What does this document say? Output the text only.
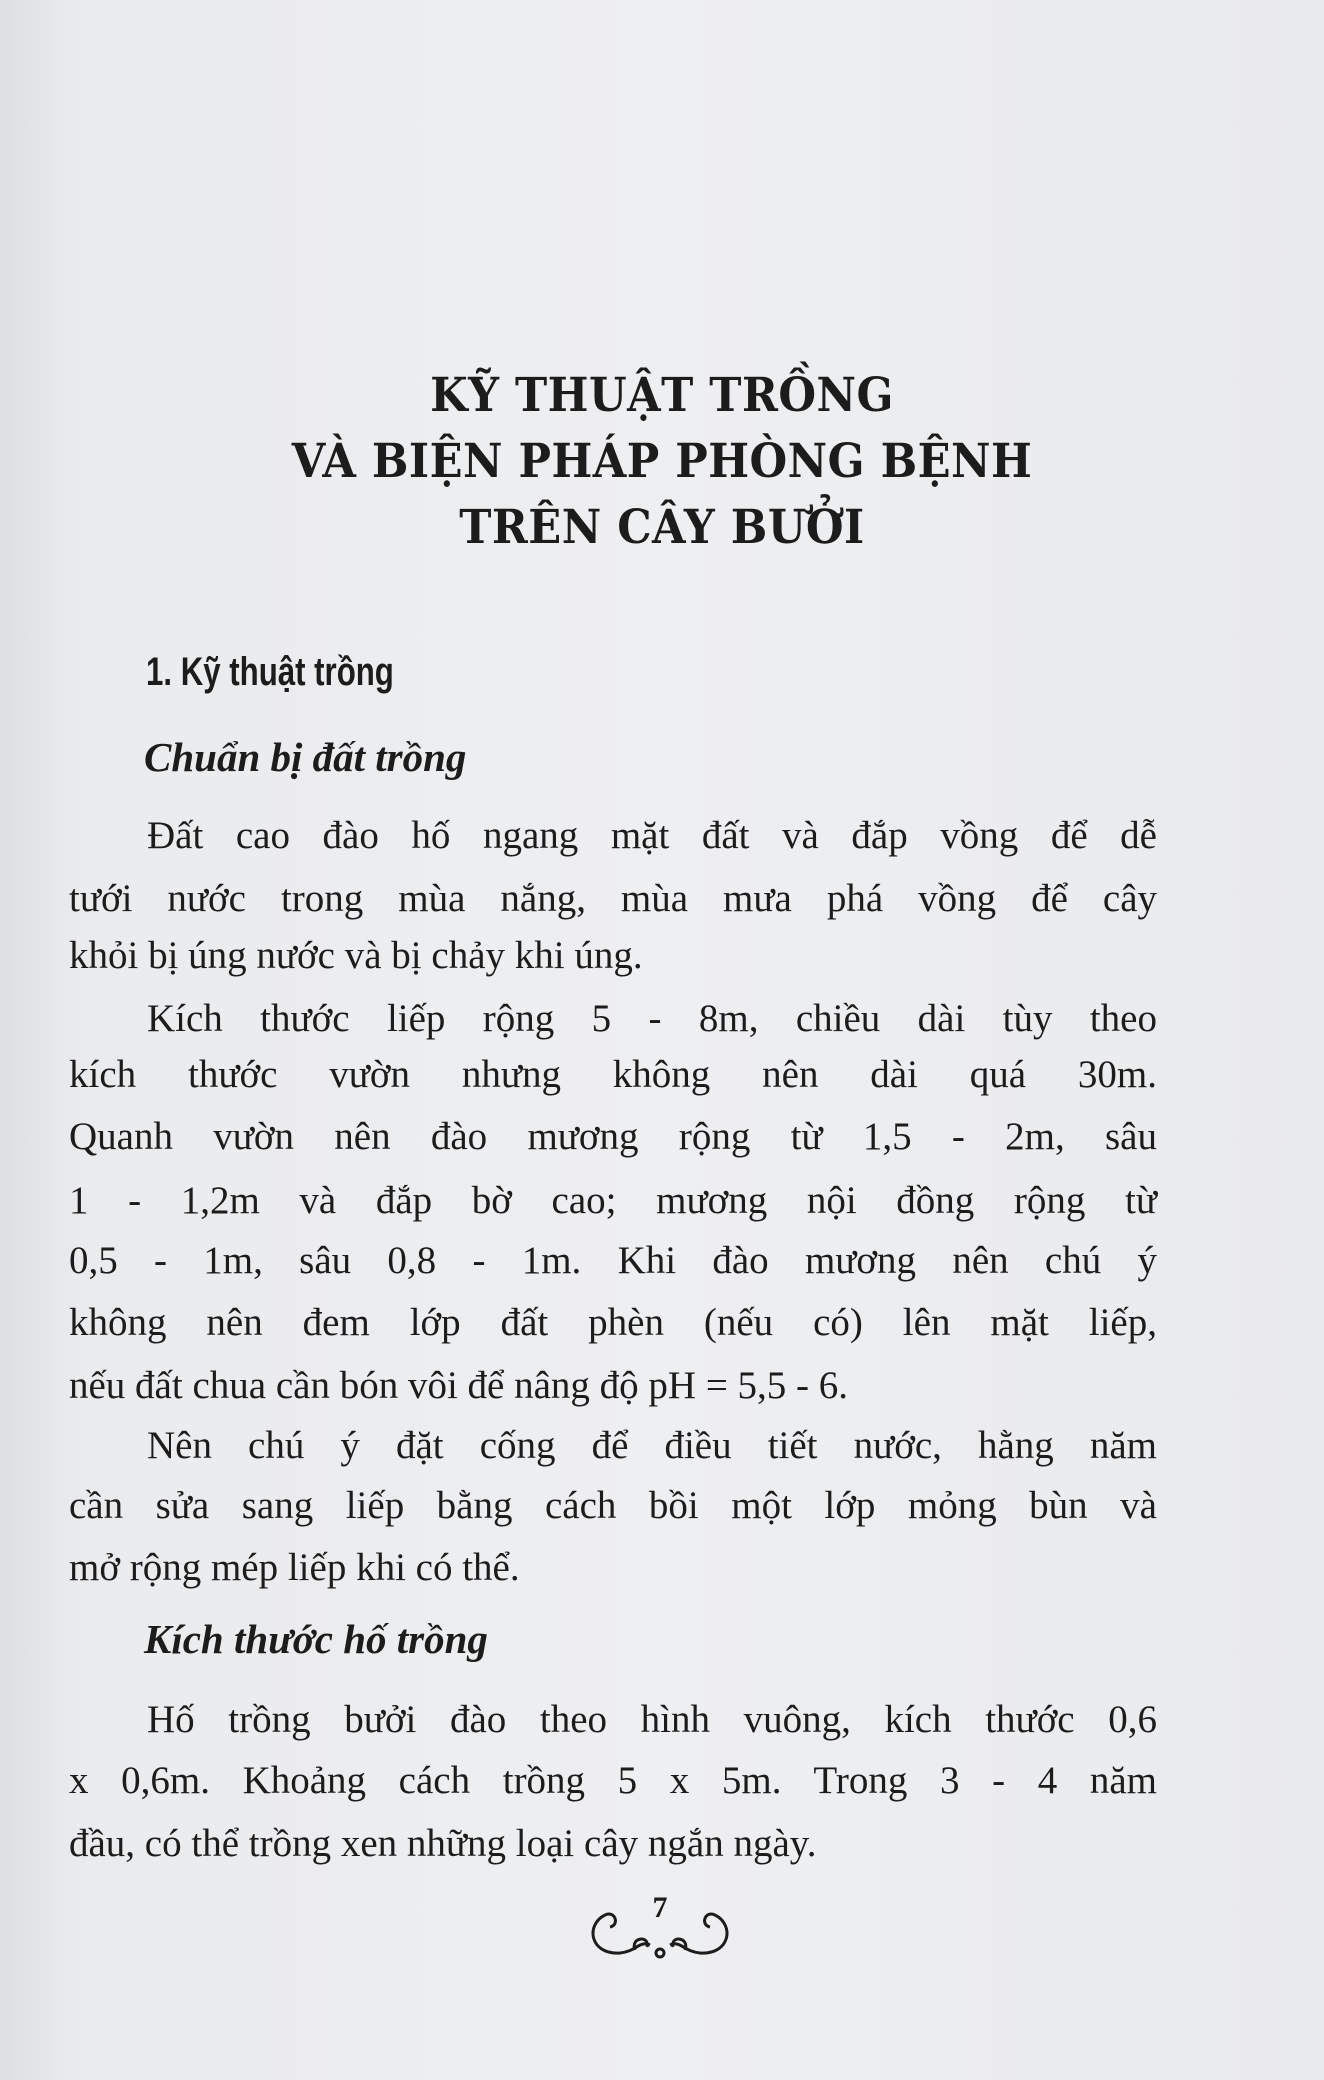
KỸ THUẬT TRỒNG
VÀ BIỆN PHÁP PHÒNG BỆNH
TRÊN CÂY BƯỞI
1. Kỹ thuật trồng
Chuẩn bị đất trồng
Đất cao đào hố ngang mặt đất và đắp vồng để dễ
tưới nước trong mùa nắng, mùa mưa phá vồng để cây
khỏi bị úng nước và bị chảy khi úng.
Kích thước liếp rộng 5 - 8m, chiều dài tùy theo
kích thước vườn nhưng không nên dài quá 30m.
Quanh vườn nên đào mương rộng từ 1,5 - 2m, sâu
1 - 1,2m và đắp bờ cao; mương nội đồng rộng từ
0,5 - 1m, sâu 0,8 - 1m. Khi đào mương nên chú ý
không nên đem lớp đất phèn (nếu có) lên mặt liếp,
nếu đất chua cần bón vôi để nâng độ pH = 5,5 - 6.
Nên chú ý đặt cống để điều tiết nước, hằng năm
cần sửa sang liếp bằng cách bồi một lớp mỏng bùn và
mở rộng mép liếp khi có thể.
Kích thước hố trồng
Hố trồng bưởi đào theo hình vuông, kích thước 0,6
x 0,6m. Khoảng cách trồng 5 x 5m. Trong 3 - 4 năm
đầu, có thể trồng xen những loại cây ngắn ngày.
7
